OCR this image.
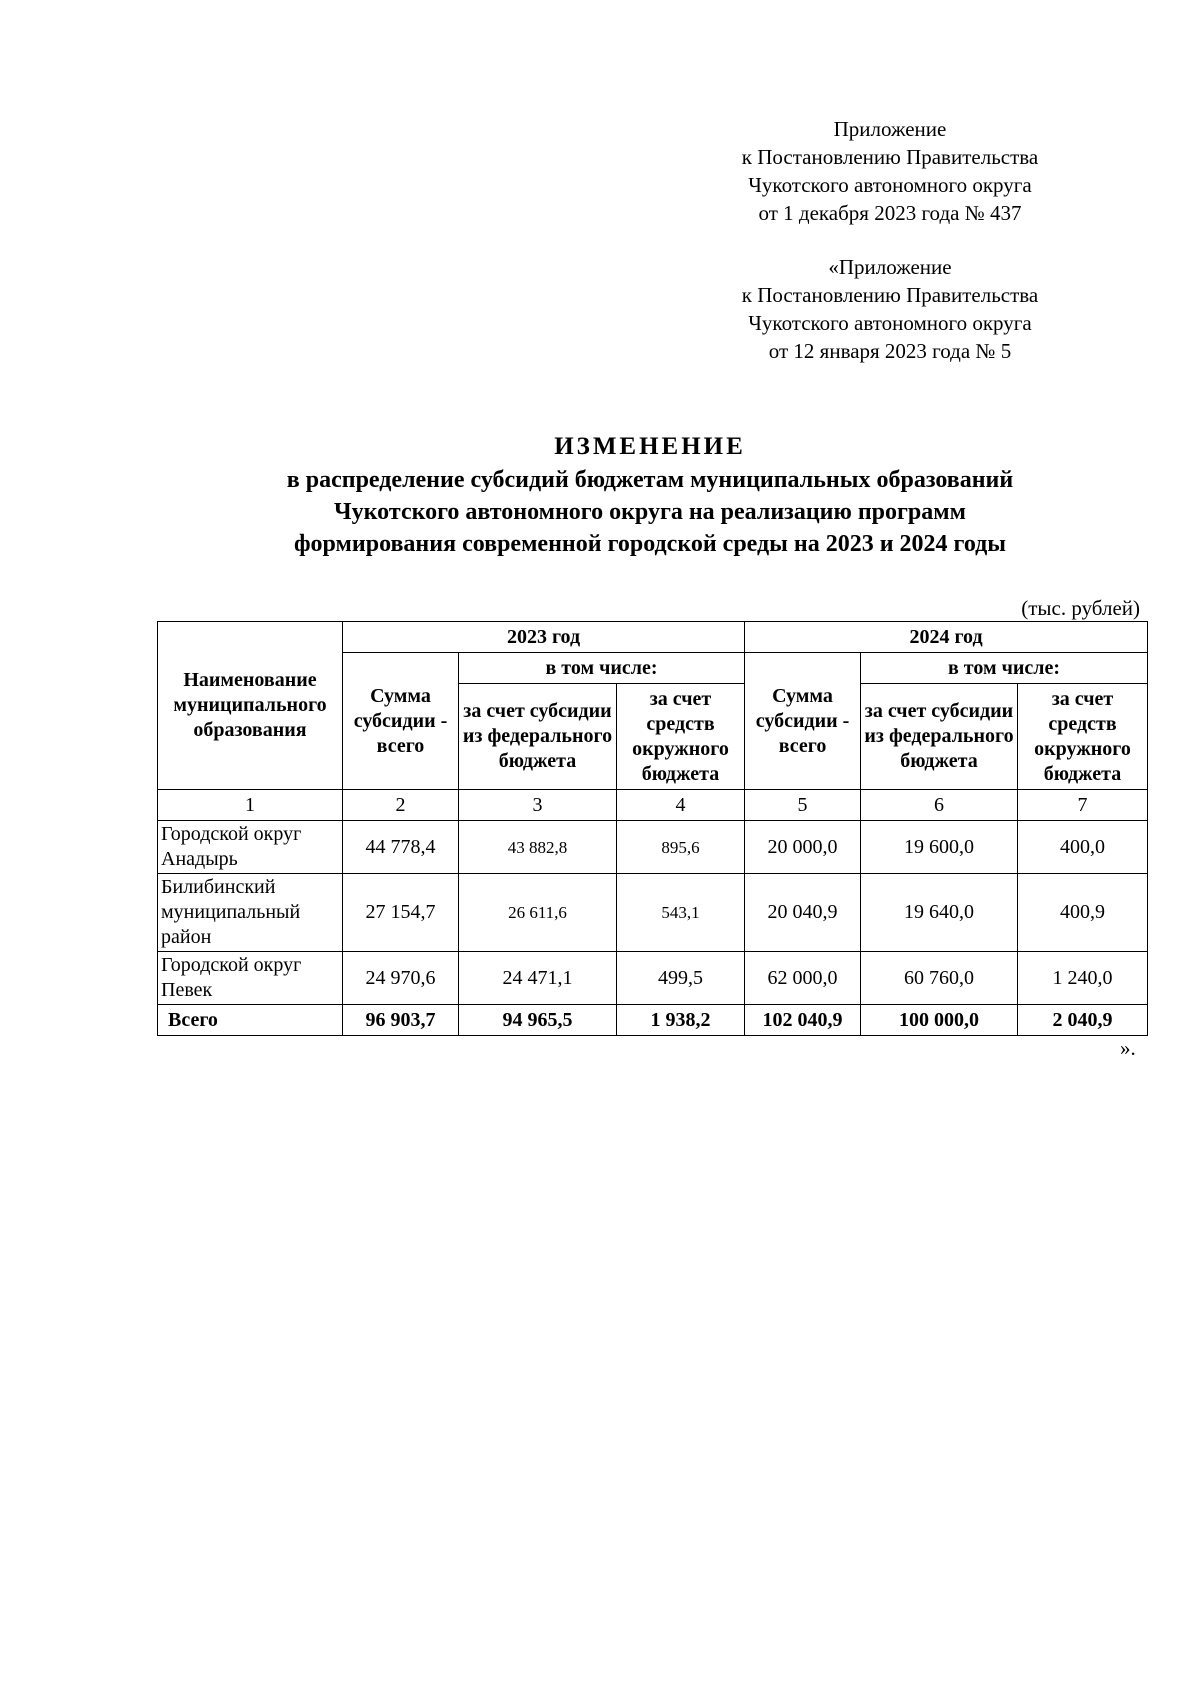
Приложение

к Постановлению Правительства

Чукотского автономного округа

от 1 декабря 2023 года № 437

«Приложение

к Постановлению Правительства

Чукотского автономного округа

от 12 января 2023 года № 5

ИЗМЕНЕНИЕ
в распределение субсидий бюджетам муниципальных образований
Чукотского автономного округа на реализацию программ
формирования современной городской среды на 2023 и 2024 годы
(тыс. рублей)
Наименование муниципального образования	2023 год			2024 год		
	Сумма субсидии - всего	в том числе:		Сумма субсидии - всего	в том числе:	
		за счет субсидии из федерального бюджета	за счет средств окружного бюджета		за счет субсидии из федерального бюджета	за счет средств окружного бюджета
1	2	3	4	5	6	7
Городской округ Анадырь	44 778,4	43 882,8	895,6	20 000,0	19 600,0	400,0
Билибинский муниципальный район	27 154,7	26 611,6	543,1	20 040,9	19 640,0	400,9
Городской округ Певек	24 970,6	24 471,1	499,5	62 000,0	60 760,0	1 240,0
Всего	96 903,7	94 965,5	1 938,2	102 040,9	100 000,0	2 040,9
».
